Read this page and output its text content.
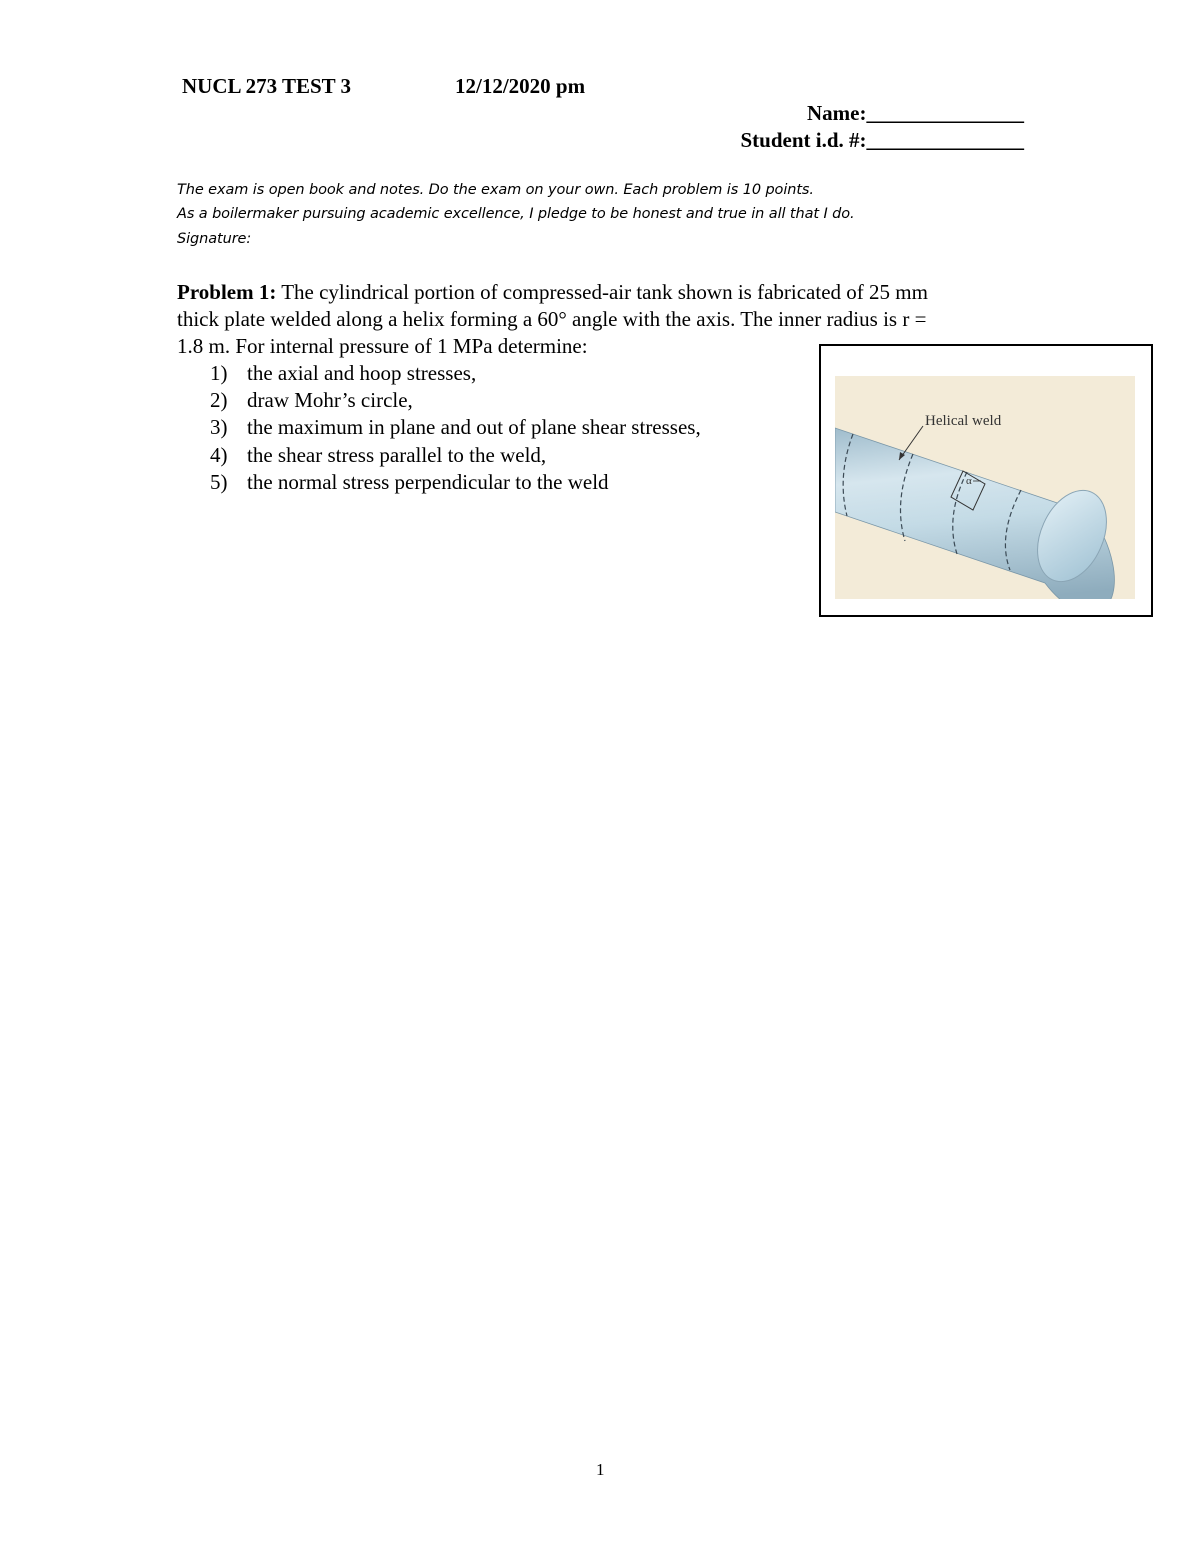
NUCL 273 TEST 3	12/12/2020 pm
Name:_______________
Student i.d. #:_______________
The exam is open book and notes. Do the exam on your own. Each problem is 10 points.
As a boilermaker pursuing academic excellence, I pledge to be honest and true in all that I do.
Signature:
Problem 1: The cylindrical portion of compressed-air tank shown is fabricated of 25 mm
thick plate welded along a helix forming a 60° angle with the axis. The inner radius is r =
1.8 m. For internal pressure of 1 MPa determine:
1) the axial and hoop stresses,
2) draw Mohr’s circle,
3) the maximum in plane and out of plane shear stresses,
4) the shear stress parallel to the weld,
5) the normal stress perpendicular to the weld
Helical weld
α
1
